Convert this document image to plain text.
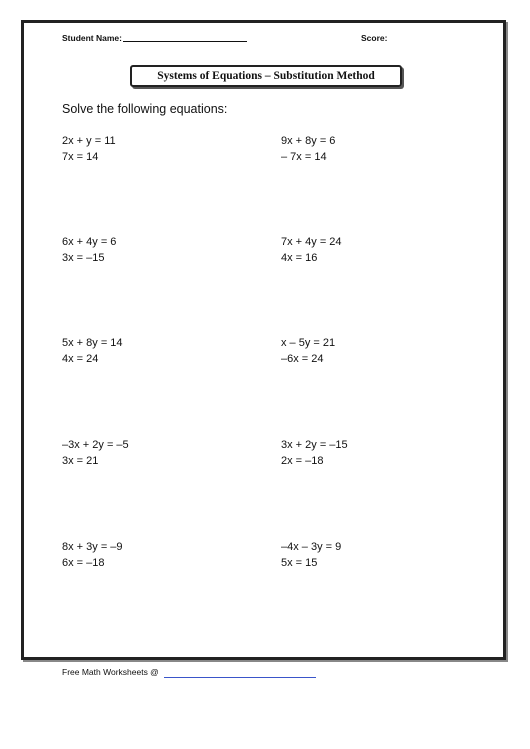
Student Name:	Score:
Systems of Equations – Substitution Method
Solve the following equations:
2x + y = 11
7x = 14
9x + 8y = 6
– 7x = 14
6x + 4y = 6
3x = –15
7x + 4y = 24
4x = 16
5x + 8y = 14
4x = 24
x – 5y = 21
–6x = 24
–3x + 2y = –5
3x = 21
3x + 2y = –15
2x = –18
8x + 3y = –9
6x = –18
–4x – 3y = 9
5x = 15
Free Math Worksheets @
